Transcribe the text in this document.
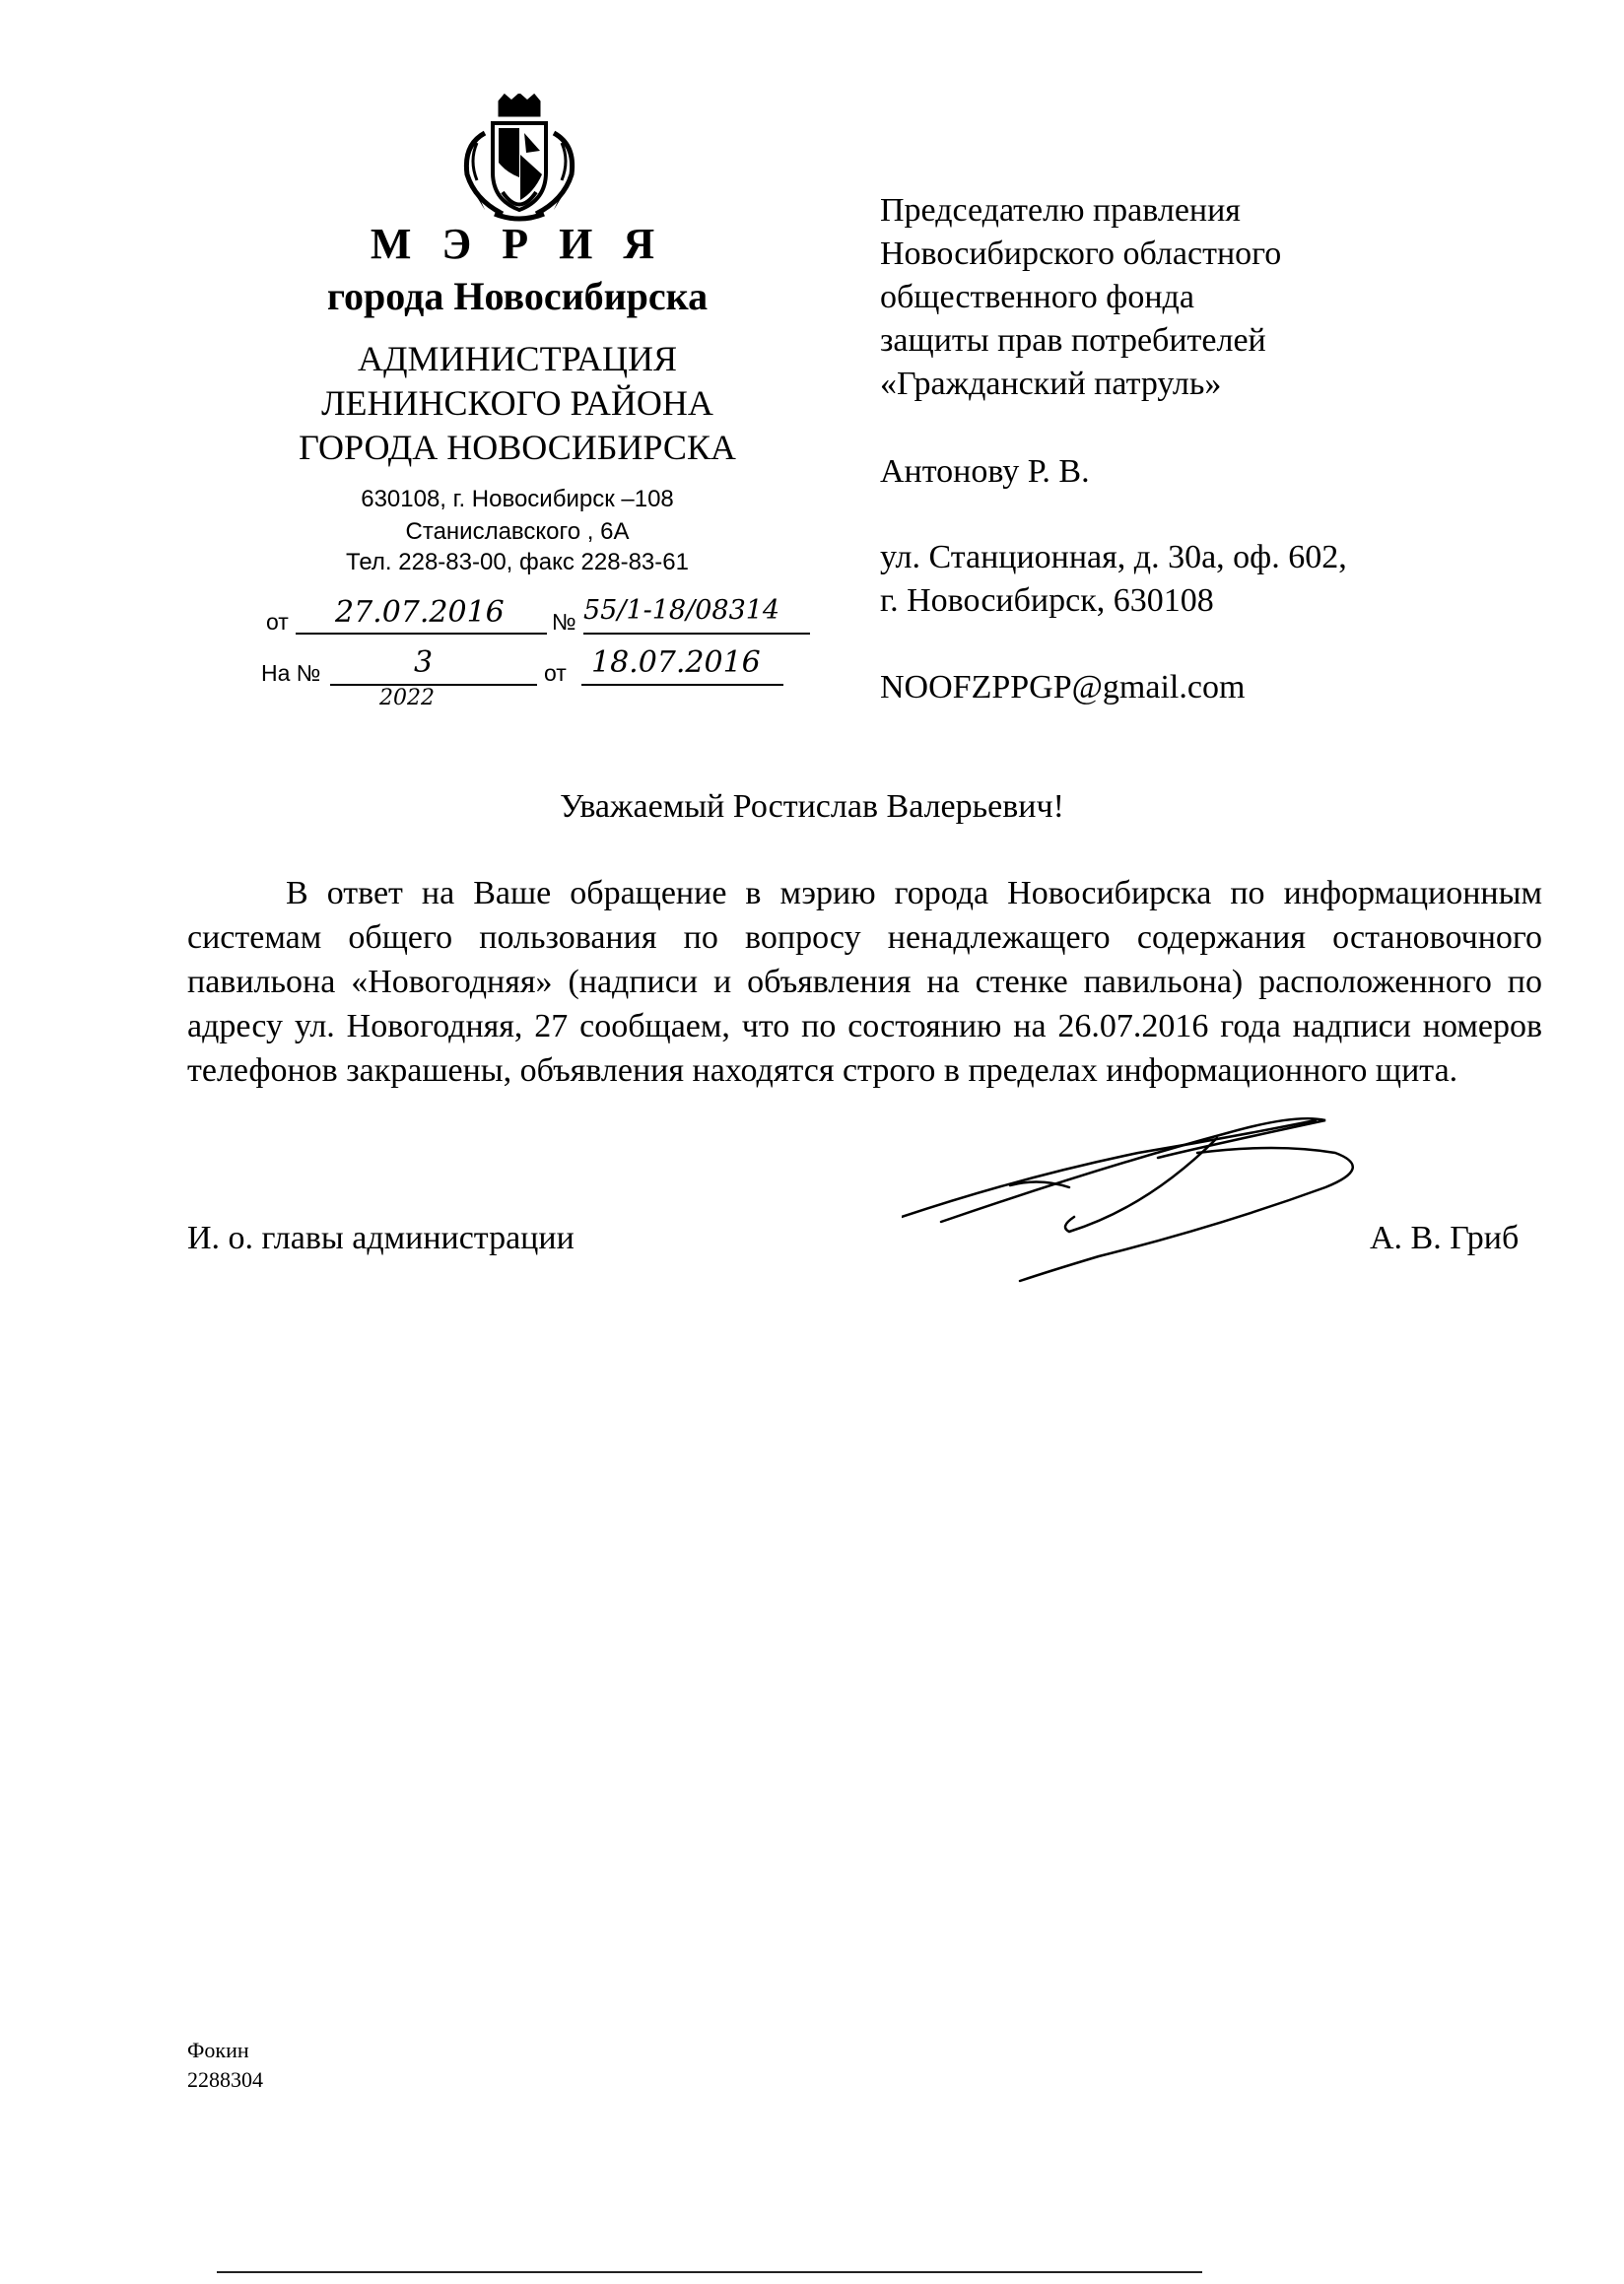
М Э Р И Я
города Новосибирска
АДМИНИСТРАЦИЯ
ЛЕНИНСКОГО РАЙОНА
ГОРОДА НОВОСИБИРСКА
630108, г. Новосибирск –108
Станиславского , 6А
Тел. 228-83-00, факс 228-83-61
от 27.07.2016 № 55/1-18/08314
На №	3
2022
от 18.07.2016
Председателю правления
Новосибирского областного
общественного фонда
защиты прав потребителей
«Гражданский патруль»
Антонову Р. В.
ул. Станционная, д. 30а, оф. 602,
г. Новосибирск, 630108
NOOFZPPGP@gmail.com
Уважаемый Ростислав Валерьевич!

В ответ на Ваше обращение в мэрию города Новосибирска по информационным системам общего пользования по вопросу ненадлежащего содержания остановочного павильона «Новогодняя» (надписи и объявления на стенке павильона) расположенного по адресу ул. Новогодняя, 27 сообщаем, что по состоянию на 26.07.2016 года надписи номеров телефонов закрашены, объявления находятся строго в пределах информационного щита.

И. о. главы администрации	А. В. Гриб
Фокин
2288304
